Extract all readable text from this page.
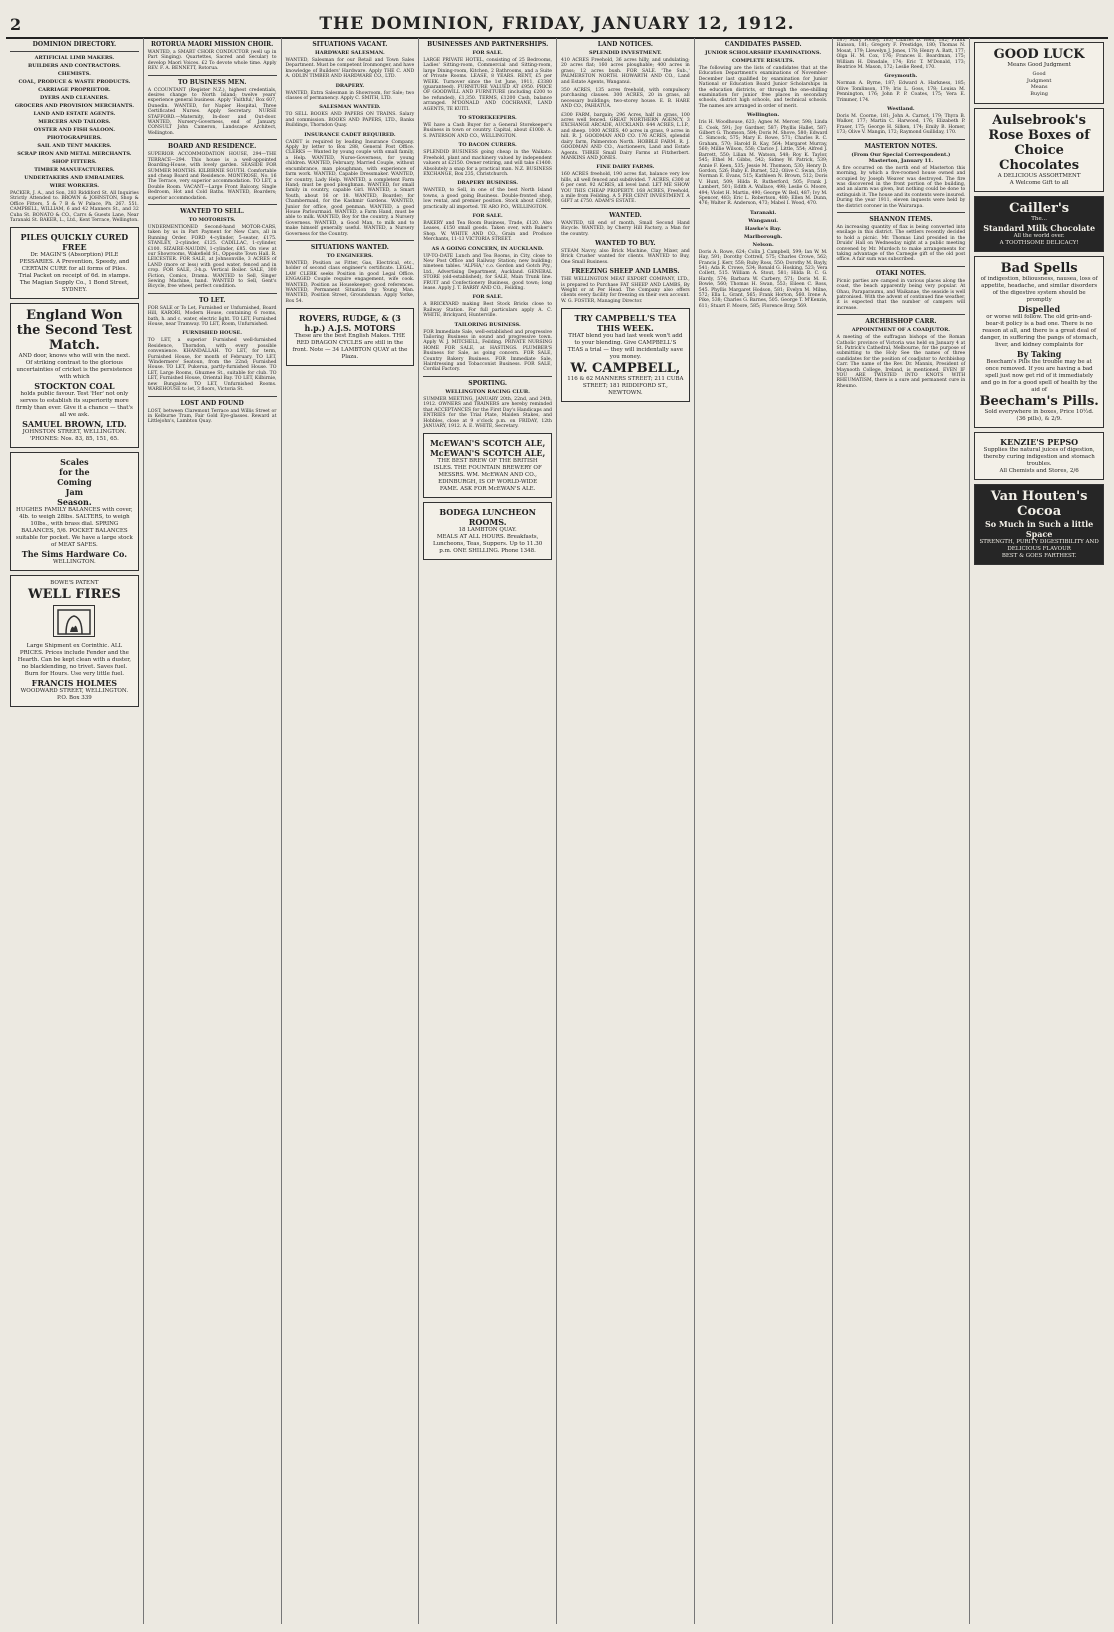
2	THE DOMINION, FRIDAY, JANUARY 12, 1912.
DOMINION DIRECTORY.
ARTIFICIAL LIMB MAKERS.
BUILDERS AND CONTRACTORS.
CHEMISTS.
COAL, PRODUCE & WASTE PRODUCTS.
CARRIAGE PROPRIETOR.
DYERS AND CLEANERS.
GROCERS AND PROVISION MERCHANTS.
LAND AND ESTATE AGENTS.
MERCERS AND TAILORS.
OYSTER AND FISH SALOON.
PHOTOGRAPHERS.
SAIL AND TENT MAKERS.
SCRAP IRON AND METAL MERCHANTS.
SHOP FITTERS.
TIMBER MANUFACTURERS.
UNDERTAKERS AND EMBALMERS.
WIRE WORKERS.
PACKER, J. A., and Son, 283 Riddiford St. All Inquiries Strictly Attended to. BROWN & JOHNSTON, Shop & Office Fitters, 5 & 7 B & W Palace, Ph. 267. 551. CAMPBELL, WILLIAM, 6 and 42 Manners St., and 32 Cuba St. BONATO & CO., Carrs & Guests Lane, Near Taranaki St. BAKER, L., Ltd., Kent Terrace, Wellington.
PILES QUICKLY CURED
FREE
Dr. MAGIN'S (Absorption) PILE PESSARIES. A Prevention, Speedy, and CERTAIN CURE for all forms of Piles. Trial Packet on receipt of 6d. in stamps. The Magian Supply Co., 1 Bond Street, SYDNEY.
England Won the Second Test Match.
AND door, knows who will win the next. Of striking contrast to the glorious uncertainties of cricket is the persistence with which
STOCKTON COAL
holds public favour. Test 'Her' not only serves to establish its superiority more firmly than ever. Give it a chance — that's all we ask.
SAMUEL BROWN, LTD.
JOHNSTON STREET, WELLINGTON.
'PHONES: Nos. 83, 85, 151, 65.
Scales
for the
Coming
Jam
Season.
HUGHES FAMILY BALANCES with cover, 4lb. to weigh 28lbs. SALTERS, to weigh 10lbs., with brass dial. SPRING BALANCES, 5/6. POCKET BALANCES suitable for pocket. We have a large stock of MEAT SAFES.
The Sims Hardware Co.
WELLINGTON.
BOWE'S PATENT
WELL FIRES
Large Shipment ex Corinthic. ALL PRICES. Prices include Fender and the Hearth. Can be kept clean with a duster, no blacklending, no trivet. Saves fuel. Burn for Hours. Use very little fuel.
FRANCIS HOLMES
WOODWARD STREET, WELLINGTON.
P.O. Box 339
ROTORUA MAORI MISSION CHOIR.
WANTED, a SMART CHOIR CONDUCTOR (well up in Part Singing). Quartettes, Sacred and Secular) to develop Maori Voices. £2 To devote whole time. Apply REV. F. A. BENNETT, Rotorua.
TO BUSINESS MEN.
A CCOUNTANT (Register N.Z.), highest credentials, desires change to North Island; twelve years' experience general business. Apply 'Faithful,' Box 607, Dunedin. WANTED, for Napier Hospital, Three Certificated Nurses. Apply Secretary. NURSE STAFFORD.—Maternity, In-door and Out-door. WANTED, Nursery-Governess, end of January. CONSULT John Cameron, Landscape Architect, Wellington.
BOARD AND RESIDENCE.
SUPERIOR ACCOMMODATION HOUSE, 294—THE TERRACE—294. This house is a well-appointed Boarding-House, with lovely garden. SEASIDE FOR SUMMER MONTHS. KILBIRNIE SOUTH. Comfortable and cheap Board and Residence. MONTROSE, No. 16 The Terrace, very superior accommodation. TO LET, a Double Room. VACANT—Large Front Balcony, Single Bedroom, Hot and Cold Baths. WANTED, Boarders; superior accommodation.
WANTED TO SELL.
TO MOTORISTS.
UNDERMENTIONED Second-hand MOTOR-CARS, taken by us in Part Payment for New Cars, all in Running Order. FORD 4-cylinder, 5-seater, £175. STANLEY, 2-cylinder, £125. CADILLAC, 1-cylinder, £100. SIZAIRE-NAUDIN, 1-cylinder, £85. On view at our Showrooms, Wakefield St., Opposite Town Hall. R. LEICESTER. FOR SALE, at Johnsonville, 3 ACRES of LAND (more or less) with good water, fenced and in crop. FOR SALE, 3-h.p. Vertical Boiler. SALE, 300 Fiction, Comics, Drama. WANTED to Sell, Singer Sewing Machine, hand. WANTED to Sell, Gent's Bicycle, free wheel, perfect condition.
TO LET.
FOR SALE or To Let, Furnished or Unfurnished, Board Hill, KARORI, Modern House, containing 6 rooms, bath, h. and c. water, electric light. TO LET, Furnished House, near Tramway. TO LET, Room, Unfurnished.
FURNISHED HOUSE.
TO LET, a superior Furnished well-furnished Residence, Thorndon, with every possible convenience. KHANDALLAH. TO LET, for term, Furnished House, for month of February. TO LET, 'Windermere' Seatoun, from the 22nd; Furnished House. TO LET, Pukerua, partly-furnished House. TO LET, Large Rooms, Ghuznee St., suitable for club. TO LET, Furnished House, Oriental Bay. TO LET, Kilbirnie, new Bungalow. TO LET, Unfurnished Rooms. WAREHOUSE to let, 3 floors, Victoria St.
LOST AND FOUND
LOST, between Claremont Terrace and Willis Street or in Kelburne Tram, Fair Gold Eye-glasses. Reward at Littlejohn's, Lambton Quay.
SITUATIONS VACANT.
HARDWARE SALESMAN.
WANTED, Salesman for our Retail and Town Sales Department. Must be competent Ironmonger, and have knowledge of Builders' Hardware. Apply THE C. AND A. ODLIN TIMBER AND HARDWARE CO., LTD.
DRAPERY.
WANTED, Extra Salesman in Showroom, for Sale; two classes of permanency. Apply C. SMITH, LTD.
SALESMAN WANTED.
TO SELL BOOKS AND PAPERS ON TRAINS. Salary and commission. BOOKS AND PAPERS, LTD., Banks Buildings, Thorndon Quay.
INSURANCE CADET REQUIRED.
CADET is required by leading Insurance Company. Apply by letter to Box 288, General Post Office. CLERKS — Wanted by young couple with small family, a Help. WANTED, Nurse-Governess, for young children. WANTED, February, Married Couple, without encumbrance, man ploughman, with experience of farm work. WANTED, Capable Dressmaker. WANTED, for country, Lady Help. WANTED, a completent Farm Hand; must be good ploughman. WANTED, for small family in country, capable Girl. WANTED, a Smart Youth, about 16 or 18. WANTED, Boarder; for Chambermaid, for the Kashmir Gardens. WANTED, Junior for office, good penman. WANTED, a good House Parlourmaid. WANTED, a Farm Hand, must be able to milk. WANTED, Boy for the country, a Nursery Governess. WANTED, a Good Man, to milk and to make himself generally useful. WANTED, a Nursery Governess for the Country.
SITUATIONS WANTED.
TO ENGINEERS.
WANTED, Position as Fitter, Gas, Electrical, etc., holder of second class engineer's certificate. LEGAL. LAW CLERK seeks Position in good Legal Office. ENGAGED Couple require engagement, wife cook. WANTED, Position as Housekeeper; good references. WANTED, Permanent Situation by Young Man. WANTED, Position Street, Groundsman. Apply Yorke, Box 54.
ROVERS, RUDGE, & (3 h.p.) A.J.S. MOTORS
These are the best English Makes. THE RED DRAGON CYCLES are still in the front. Note — 34 LAMBTON QUAY at the Plaza.
BUSINESSES AND PARTNERSHIPS.
FOR SALE.
LARGE PRIVATE HOTEL, consisting of 25 Bedrooms, Ladies' Sitting-room, Commercial and Sitting-room, large Dining-room, Kitchen, 2 Bathrooms, and a Suite of Private Rooms. LEASE, 8 YEARS. RENT, £5 per WEEK. Turnover since the 1st June, 1911, £3380 (guaranteed). FURNITURE VALUED AT £950. PRICE OF GOODWILL AND FURNITURE (including £200 to be refunded), £1,350. TERMS, £1200 Cash, balance arranged. M'DONALD AND COCHRANE, LAND AGENTS, TE KUITI.
TO STOREKEEPERS.
WE have a Cash Buyer for a General Storekeeper's Business in town or country. Capital, about £1000. A. S. PATERSON AND CO., WELLINGTON.
TO BACON CURERS.
SPLENDID BUSINESS going cheap in the Waikato. Freehold, plant and machinery valued by independent valuers at £2150. Owner retiring, and will take £1400. Absolutely a snap for a practical man. N.Z. BUSINESS EXCHANGE, Box 235, Christchurch.
DRAPERY BUSINESS.
WANTED, to Sell, in one of the best North Island towns, a good going Business. Double-fronted shop, low rental, and premier position. Stock about £2800, practically all imported. TE ARO P.O., WELLINGTON.
FOR SALE.
BAKERY and Tea Room Business, Trade, £120. Also Leases, £150 small goods. Taken over, with Baker's Shop. W. WHITE AND CO., Grain and Produce Merchants, 11-13 VICTORIA STREET.
AS A GOING CONCERN, IN AUCKLAND.
UP-TO-DATE Lunch and Tea Rooms, in City, close to New Post Office and Railway Station; new building; nineteen tables. 'ALPHA,' c.o. Gordon and Gotch Pty., Ltd., Advertising Department, Auckland. GENERAL STORE (old-established), for SALE, Main Trunk line. FRUIT and Confectionery Business, good town; long lease. Apply J. T. BARRY AND CO., Feilding.
FOR SALE.
A BRICKYARD making Best Stock Bricks close to Railway Station. For full particulars apply A. C. WHITE, Brickyard, Hunterville.
TAILORING BUSINESS.
FOR Immediate Sale, well-established and progressive Tailoring Business in sound and progressive town. Apply W. J. MITCHELL, Feilding. PRIVATE NURSING HOME FOR SALE, at HASTINGS. PLUMBER'S Business for Sale, as going concern. FOR SALE, Country Bakery Business. FOR Immediate Sale, Hairdressing and Tobacconist Business. FOR SALE, Cordial Factory.
SPORTING.
WELLINGTON RACING CLUB.
SUMMER MEETING, JANUARY 20th, 22nd, and 24th, 1912. OWNERS and TRAINERS are hereby reminded that ACCEPTANCES for the First Day's Handicaps and ENTRIES for the Trial Plate, Maiden Stakes, and Hobbles, close at 9 o'clock p.m. on FRIDAY, 12th JANUARY, 1912. A. E. WHITE, Secretary.
McEWAN'S SCOTCH ALE, McEWAN'S SCOTCH ALE,
THE BEST BREW OF THE BRITISH ISLES. THE FOUNTAIN BREWERY OF MESSRS. WM. McEWAN AND CO., EDINBURGH, IS OF WORLD-WIDE FAME. ASK FOR McEWAN'S ALE.
BODEGA LUNCHEON ROOMS.
18 LAMBTON QUAY.
MEALS AT ALL HOURS. Breakfasts, Luncheons, Teas, Suppers. Up to 11.30 p.m. ONE SHILLING. Phone 1348.
LAND NOTICES.
SPLENDID INVESTMENT.
410 ACRES Freehold, 36 acres hilly, and undulating; 20 acres flat; 160 acres ploughable; 400 acres in grass; 12 acres bush. FOR SALE. 'The Sub.,' PALMERSTON NORTH. HOWARTH AND CO., Land and Estate Agents, Wanganui.
350 ACRES, 135 acres freehold, with compulsory purchasing clauses. 300 ACRES, 20 in grass, all necessary buildings; two-storey house. E. B. HARE AND CO., PAHIATUA.
£300 FARM, bargain; 296 Acres, half in grass, 100 acres well fenced. GREAT NORTHERN AGENCY, 3 EXCHANGE ARCADE, AUCKLAND. 644 ACRES, L.I.P., and sheep. 1000 ACRES, 40 acres in grass, 9 acres in hill. R. J. GOODMAN AND CO. 176 ACRES, splendid dairy farm, Palmerston North. HOBBLE FARM. R. J. GOODMAN AND CO., Auctioneers, Land and Estate Agents. THREE Small Dairy Farms at Fitzherbert. MANKINS AND JONES.
FINE DAIRY FARMS.
160 ACRES freehold, 190 acres flat, balance very low hills, all well fenced and subdivided. 7 ACRES, £300 at 6 per cent. 92 ACRES, all level land. LET ME SHOW YOU THIS CHEAP PROPERTY. 168 ACRES, Freehold, a mile from Feilding. A 5 PER CENT INVESTMENT. A GIFT at £750. ADAM'S ESTATE.
WANTED.
WANTED, till end of month, Small Second Hand Bicycle. WANTED, by Cherry Hill Factory, a Man for the country.
WANTED TO BUY.
STEAM Navvy, also Brick Machine, Clay Mixer, and Brick Crusher wanted for clients. WANTED to Buy, One Small Business.
FREEZING SHEEP AND LAMBS.
THE WELLINGTON MEAT EXPORT COMPANY, LTD., is prepared to Purchase FAT SHEEP AND LAMBS, By Weight or at Per Head. The Company also offers clients every facility for freezing on their own account. W. G. FOSTER, Managing Director.
TRY CAMPBELL'S TEA THIS WEEK.
THAT blend you had last week won't add to your blending. Give CAMPBELL'S TEAS a trial — they will incidentally save you money.
W. CAMPBELL,
116 & 62 MANNERS STREET; 211 CUBA STREET; 181 RIDDIFORD ST., NEWTOWN.
CANDIDATES PASSED.
JUNIOR SCHOLARSHIP EXAMINATIONS.
COMPLETE RESULTS.
The following are the lists of candidates that at the Education Department's examinations of November-December last qualified by examination for Junior National or Education Board Junior Scholarships in the education districts, or through the one-shilling examination for junior free places in secondary schools, district high schools, and technical schools. The names are arranged in order of merit.
Wellington.
Iris H. Woodhouse, 623; Agnes M. Mercer, 598; Linda E. Cook, 591; Joy Gardner, 587; Phyllis Hallet, 587; Gilbert G. Thomson, 584; Doris M. Shove, 580; Edward C. Simcock, 575; Mary E. Rowe, 571; Charles R. C. Graham, 570; Harold B. Kay, 564; Margaret Murray, 560; Millie Wilson, 558; Clarice J. Little, 554; Alfred J. Barrett, 550; Lilian M. Watson, 548; Roy K. Taylor, 545; Ethel M. Gibbs, 542; Sidney W. Patrick, 539; Annie F. Keen, 535; Jessie M. Thomson, 530; Henry D. Gordon, 526; Ruby E. Burnet, 522; Olive C. Swan, 519; Norman E. Evans, 515; Kathleen N. Brown, 512; Doris V. Hunt, 509; Hilda R. Rutherford, 505; Frank J. Lambert, 501; Edith A. Wallace, 498; Leslie G. Moore, 494; Violet H. Martin, 490; George W. Bell, 487; Ivy M. Spencer, 483; Eric L. Robertson, 480; Ellen M. Dunn, 476; Walter R. Anderson, 473; Mabel I. Wood, 470.
Taranaki.
Wanganui.
Hawke's Bay.
Marlborough.
Nelson.
Doris A. Rowe, 624; Colin J. Campbell, 599; Ian W. M. Hay, 591; Dorothy Cottrell, 575; Charles Crowe, 562; Francis J. Kerr, 558; Ruby Ross, 550; Dorothy M. Bayly, 541; Ada R. Crowe, 534; Ronald G. Hosking, 523; Vera Collett, 515. William A. Stout, 581; Hilda B. C. G. Hardy, 574; Barbara W. Carbery, 571; Doris M. E. Bowie, 560; Thomas H. Swan, 553; Eileen C. Ross, 545. Phyllis Margaret Hodson, 581; Evelyn M. Milne, 572; Ella L. Grant, 565; Frank Horton, 560. Irene A. Pike, 538; Charles G. Barnes, 505. George T. M'Kenzie, 611; Stuart F. Moore, 585; Florence Bray, 569.
187; Mary Fooley, 183; Charles D. Reid, 182; Frank Hanson, 181; Gregory F. Prestidge, 180; Thomas N. Mosat, 179; Llewelyn J. Jones, 178; Henry A. Batt, 177; Olga H. M. Cox, 176; Frances E. Boardman, 175; William H. Dinsdale, 174; Eric T. M'Donald, 173; Beatrice M. Mason, 172; Leslie Reed, 170.
Greymouth.
Norman A. Byrne, 187; Edward A. Harkness, 185; Olive Tomlinson, 179; Iris L. Goss, 178; Louisa M. Pennington, 176; John P. P. Coates, 175; Vera E. Trimmer, 174.
Westland.
Doris M. Coorne, 181; John A. Carnot, 179; Thyra B. Walker, 177; Martin C. Harwood, 176; Elizabeth P. Fraser, 175; George H. Silken, 174; Emily B. Homer, 173; Olive V. Mangin, 172; Raymond Guilliday, 170.
MASTERTON NOTES.
(From Our Special Correspondent.) Masterton, January 11.
A fire occurred on the north end of Masterton this morning, by which a five-roomed house owned and occupied by Joseph Weaver was destroyed. The fire was discovered in the front portion of the building, and an alarm was given, but nothing could be done to extinguish it. The house and its contents were insured. During the year 1911, eleven inquests were held by the district coroner in the Wairarapa.
SHANNON ITEMS.
An increasing quantity of flax is being converted into ensilage in this district. The settlers recently decided to hold a picnic. Mr. Thomas Lind presided in the Druids' Hall on Wednesday night at a public meeting convened by Mr. Murdoch to make arrangements for taking advantage of the Carnegie gift of the old post office. A fair sum was subscribed.
OTAKI NOTES.
Picnic parties are camped in various places along the coast, the beach apparently being very popular. At Ohau, Paraparaumu, and Waikanae, the seaside is well patronised. With the advent of continued fine weather, it is expected that the number of campers will increase.
ARCHBISHOP CARR.
APPOINTMENT OF A COADJUTOR.
A meeting of the suffragan bishops of the Roman Catholic province of Victoria was held on January 4 at St. Patrick's Cathedral, Melbourne, for the purpose of submitting to the Holy See the names of three candidates for the position of coadjutor to Archbishop Carr. The name of the Rev. Dr. Mannix, President of Maynooth College, Ireland, is mentioned. EVEN IF YOU ARE TWISTED INTO KNOTS WITH RHEUMATISM, there is a sure and permanent cure in Rheumo.
GOOD LUCK
Means Good Judgment
Good
Judgment
Means
Buying
Aulsebrook's Rose Boxes of Choice Chocolates
A DELICIOUS ASSORTMENT
A Welcome Gift to all
Cailler's
The...
Standard Milk Chocolate
All the world over.
A TOOTHSOME DELICACY!
Bad Spells
of indigestion, biliousness, nausea, loss of appetite, headache, and similar disorders of the digestive system should be promptly
Dispelled
or worse will follow. The old grin-and-bear-it policy is a bad one. There is no reason at all, and there is a great deal of danger, in suffering the pangs of stomach, liver, and kidney complaints for
By Taking
Beecham's Pills the trouble may be at once removed. If you are having a bad spell just now get rid of it immediately and go in for a good spell of health by the aid of
Beecham's Pills.
Sold everywhere in boxes, Price 10½d. (36 pills), & 2/9.
KENZIE'S PEPSO
Supplies the natural juices of digestion, thereby curing indigestion and stomach troubles.
All Chemists and Stores, 2/6
Van Houten's Cocoa
So Much in Such a little Space
STRENGTH, PURITY DIGESTIBILITY AND DELICIOUS FLAVOUR
BEST & GOES FARTHEST.
